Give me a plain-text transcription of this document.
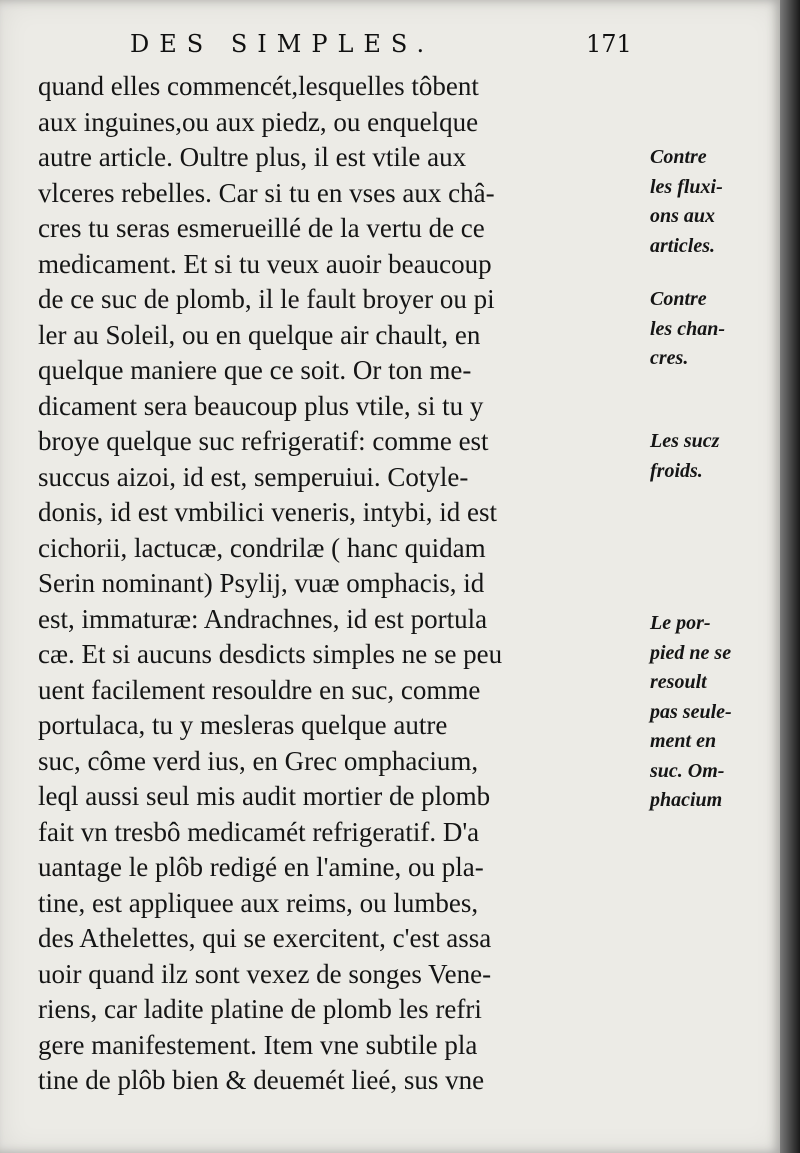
DES SIMPLES.	171
quand elles commencét,lesquelles tôbent
aux inguines,ou aux piedz, ou enquelque
autre article. Oultre plus, il est vtile aux
vlceres rebelles. Car si tu en vses aux châ-
cres tu seras esmerueillé de la vertu de ce
medicament. Et si tu veux auoir beaucoup
de ce suc de plomb, il le fault broyer ou pi
ler au Soleil, ou en quelque air chault, en
quelque maniere que ce soit. Or ton me-
dicament sera beaucoup plus vtile, si tu y
broye quelque suc refrigeratif: comme est
succus aizoi, id est, semperuiui. Cotyle-
donis, id est vmbilici veneris, intybi, id est
cichorii, lactucæ, condrilæ ( hanc quidam
Serin nominant) Psylij, vuæ omphacis, id
est, immaturæ: Andrachnes, id est portula
cæ. Et si aucuns desdicts simples ne se peu
uent facilement resouldre en suc, comme
portulaca, tu y mesleras quelque autre
suc, côme verd ius, en Grec omphacium,
leql aussi seul mis audit mortier de plomb
fait vn tresbô medicamét refrigeratif. D'a
uantage le plôb redigé en l'amine, ou pla-
tine, est appliquee aux reims, ou lumbes,
des Athelettes, qui se exercitent, c'est assa
uoir quand ilz sont vexez de songes Vene-
riens, car ladite platine de plomb les refri
gere manifestement. Item vne subtile pla
tine de plôb bien & deuemét lieé, sus vne
Contre
les fluxi-
ons aux
articles.
Contre
les chan-
cres.
Les sucz
froids.
Le por-
pied ne se
resoult
pas seule-
ment en
suc. Om-
phacium
